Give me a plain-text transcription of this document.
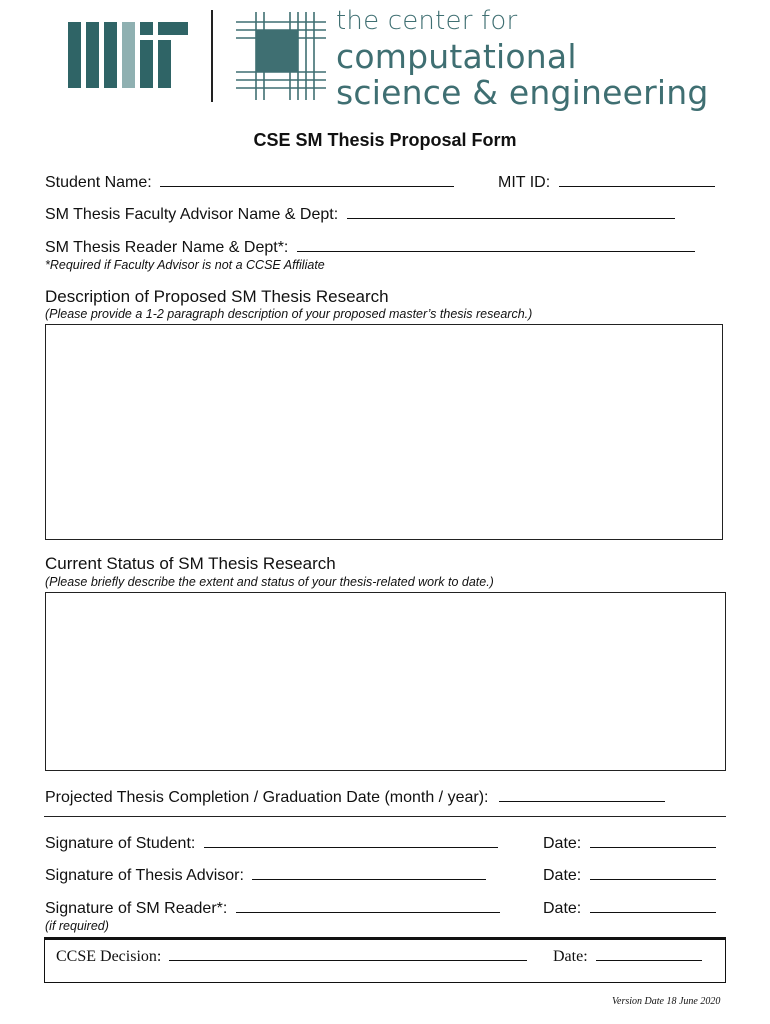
the center for
computational
science & engineering
CSE SM Thesis Proposal Form
Student Name:	MIT ID:
SM Thesis Faculty Advisor Name & Dept:
SM Thesis Reader Name & Dept*:
*Required if Faculty Advisor is not a CCSE Affiliate
Description of Proposed SM Thesis Research
(Please provide a 1-2 paragraph description of your proposed master’s thesis research.)
Current Status of SM Thesis Research
(Please briefly describe the extent and status of your thesis-related work to date.)
Projected Thesis Completion / Graduation Date (month / year):
Signature of Student:	Date:
Signature of Thesis Advisor:	Date:
Signature of SM Reader*:	Date:
(if required)
CCSE Decision:	Date:
Version Date 18 June 2020
